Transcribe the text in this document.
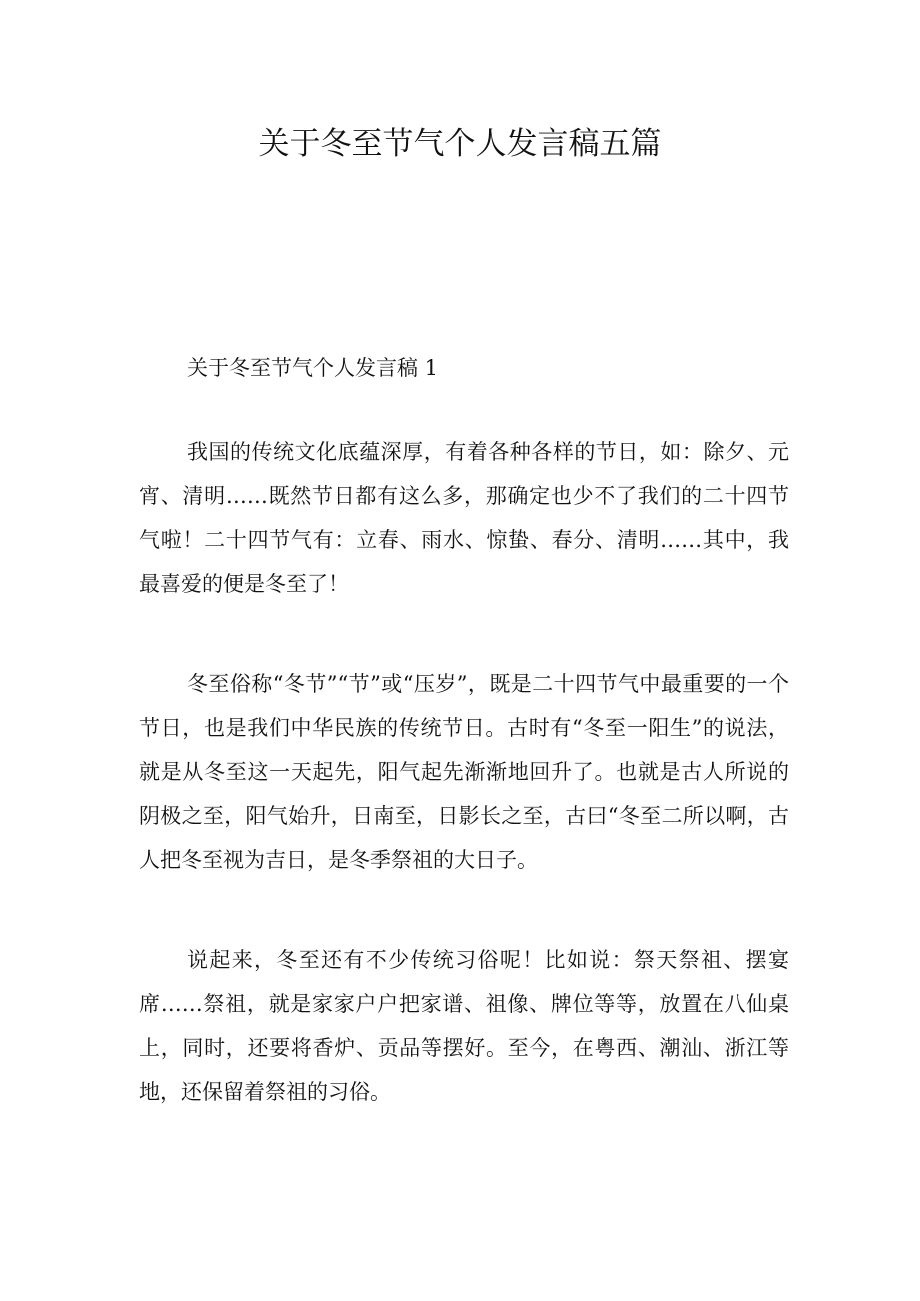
关于冬至节气个人发言稿五篇

关于冬至节气个人发言稿 1

我国的传统文化底蕴深厚，有着各种各样的节日，如：除夕、元宵、清明……既然节日都有这么多，那确定也少不了我们的二十四节气啦！二十四节气有：立春、雨水、惊蛰、春分、清明……其中，我最喜爱的便是冬至了！

冬至俗称“冬节”“节”或“压岁”，既是二十四节气中最重要的一个节日，也是我们中华民族的传统节日。古时有“冬至一阳生”的说法，就是从冬至这一天起先，阳气起先渐渐地回升了。也就是古人所说的阴极之至，阳气始升，日南至，日影长之至，古曰“冬至二所以啊，古人把冬至视为吉日，是冬季祭祖的大日子。

说起来，冬至还有不少传统习俗呢！比如说：祭天祭祖、摆宴席……祭祖，就是家家户户把家谱、祖像、牌位等等，放置在八仙桌上，同时，还要将香炉、贡品等摆好。至今，在粤西、潮汕、浙江等地，还保留着祭祖的习俗。
